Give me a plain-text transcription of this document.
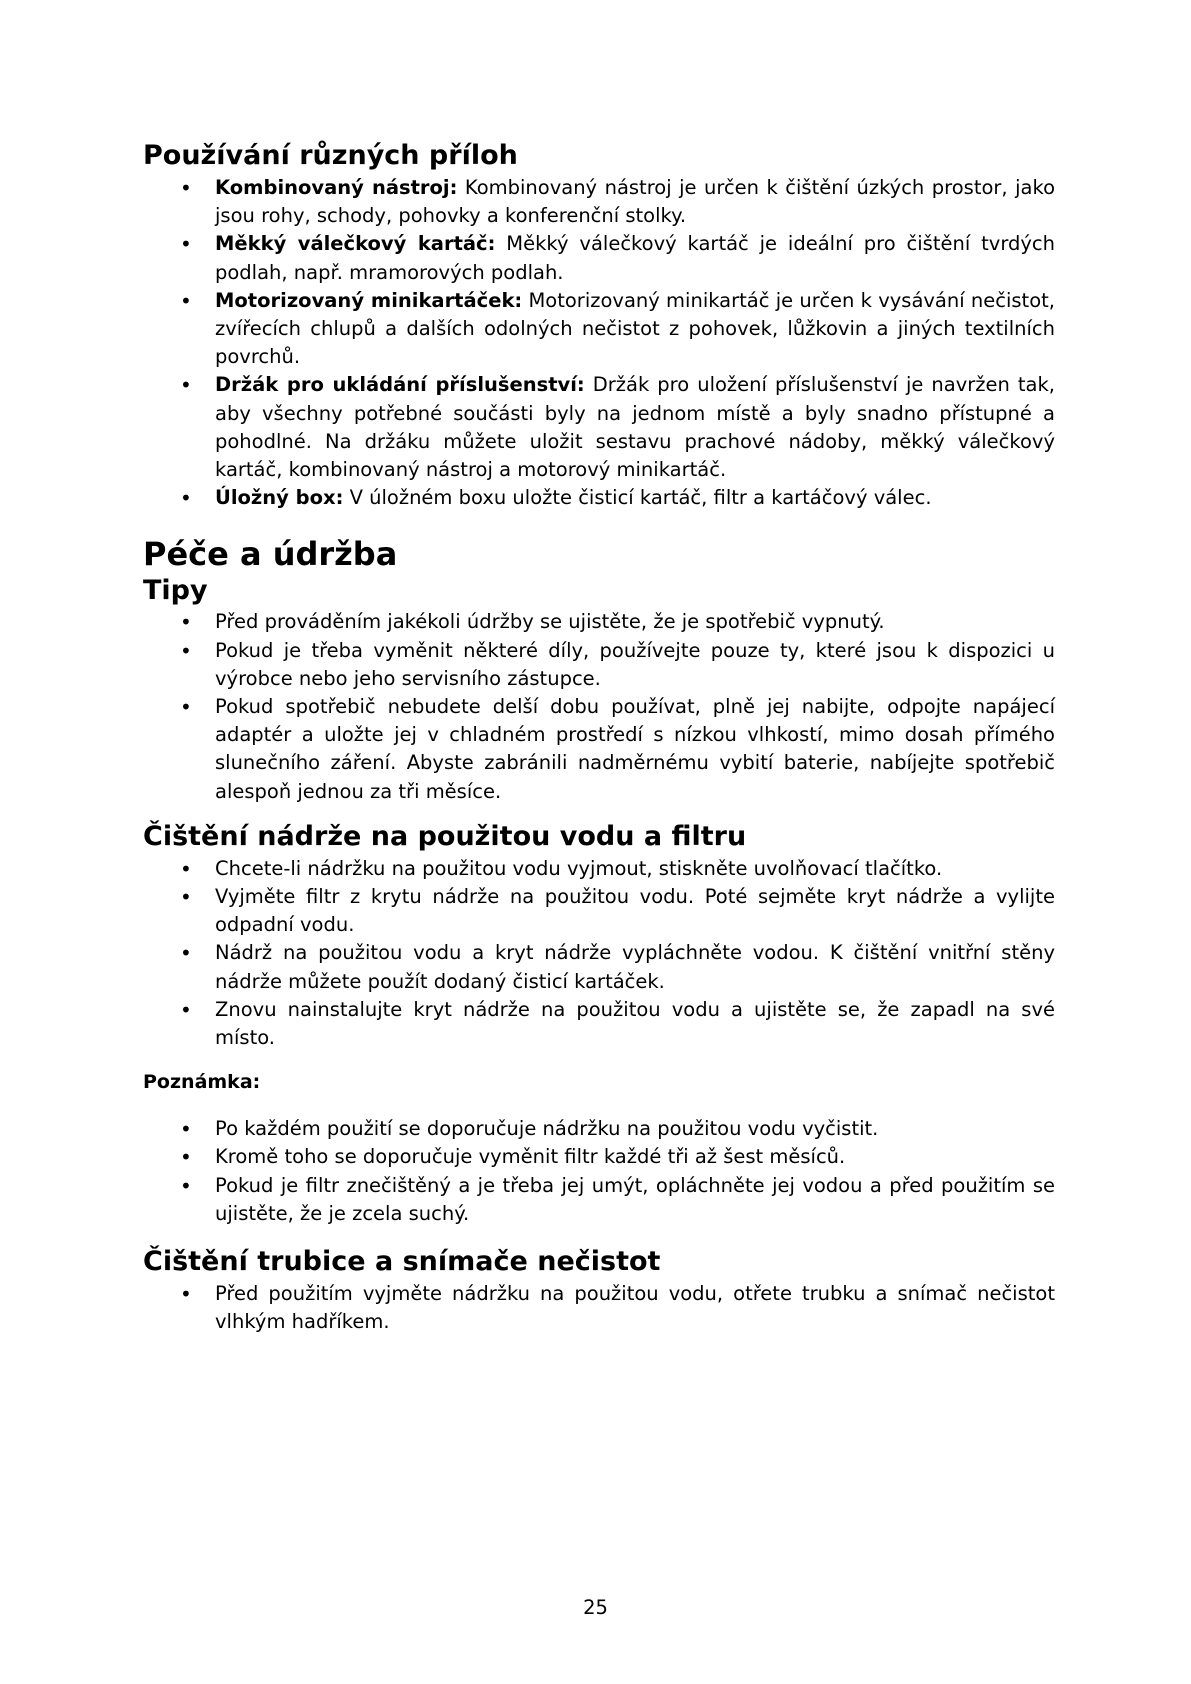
Používání různých příloh
• Kombinovaný nástroj: Kombinovaný nástroj je určen k čištění úzkých prostor, jako jsou rohy, schody, pohovky a konferenční stolky.
• Měkký válečkový kartáč: Měkký válečkový kartáč je ideální pro čištění tvrdých podlah, např. mramorových podlah.
• Motorizovaný minikartáček: Motorizovaný minikartáč je určen k vysávání nečistot, zvířecích chlupů a dalších odolných nečistot z pohovek, lůžkovin a jiných textilních povrchů.
• Držák pro ukládání příslušenství: Držák pro uložení příslušenství je navržen tak, aby všechny potřebné součásti byly na jednom místě a byly snadno přístupné a pohodlné. Na držáku můžete uložit sestavu prachové nádoby, měkký válečkový kartáč, kombinovaný nástroj a motorový minikartáč.
• Úložný box: V úložném boxu uložte čisticí kartáč, filtr a kartáčový válec.
Péče a údržba
Tipy
• Před prováděním jakékoli údržby se ujistěte, že je spotřebič vypnutý.
• Pokud je třeba vyměnit některé díly, používejte pouze ty, které jsou k dispozici u výrobce nebo jeho servisního zástupce.
• Pokud spotřebič nebudete delší dobu používat, plně jej nabijte, odpojte napájecí adaptér a uložte jej v chladném prostředí s nízkou vlhkostí, mimo dosah přímého slunečního záření. Abyste zabránili nadměrnému vybití baterie, nabíjejte spotřebič alespoň jednou za tři měsíce.
Čištění nádrže na použitou vodu a filtru
• Chcete-li nádržku na použitou vodu vyjmout, stiskněte uvolňovací tlačítko.
• Vyjměte filtr z krytu nádrže na použitou vodu. Poté sejměte kryt nádrže a vylijte odpadní vodu.
• Nádrž na použitou vodu a kryt nádrže vypláchněte vodou. K čištění vnitřní stěny nádrže můžete použít dodaný čisticí kartáček.
• Znovu nainstalujte kryt nádrže na použitou vodu a ujistěte se, že zapadl na své místo.
Poznámka:
• Po každém použití se doporučuje nádržku na použitou vodu vyčistit.
• Kromě toho se doporučuje vyměnit filtr každé tři až šest měsíců.
• Pokud je filtr znečištěný a je třeba jej umýt, opláchněte jej vodou a před použitím se ujistěte, že je zcela suchý.
Čištění trubice a snímače nečistot
• Před použitím vyjměte nádržku na použitou vodu, otřete trubku a snímač nečistot vlhkým hadříkem.
25
